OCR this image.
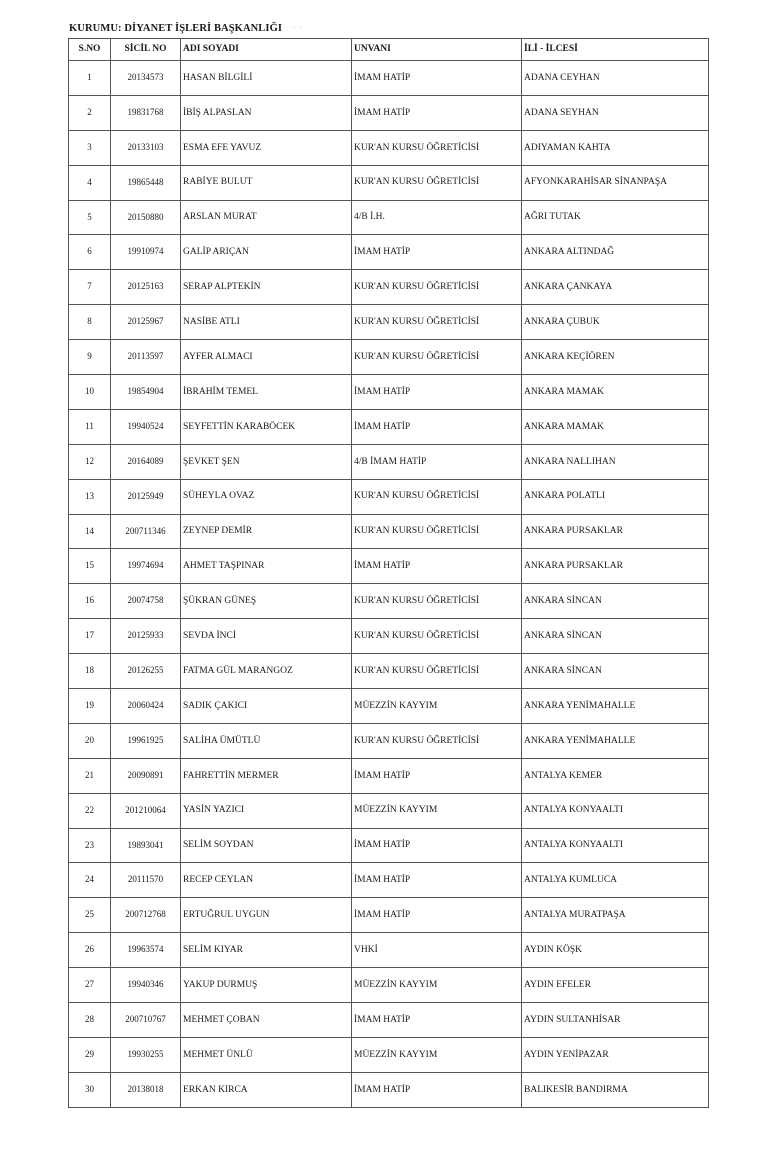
KURUMU: DİYANET İŞLERİ BAŞKANLIĞI · ·
S.NO	SİCİL NO	ADI SOYADI	UNVANI	İLİ - İLCESİ
1	20134573	HASAN BİLGİLİ	İMAM HATİP	ADANA CEYHAN
2	19831768	İBİŞ ALPASLAN	İMAM HATİP	ADANA SEYHAN
3	20133103	ESMA EFE YAVUZ	KUR'AN KURSU ÖĞRETİCİSİ	ADIYAMAN KAHTA
4	19865448	RABİYE BULUT	KUR'AN KURSU ÖĞRETİCİSİ	AFYONKARAHİSAR SİNANPAŞA
5	20150880	ARSLAN MURAT	4/B İ.H.	AĞRI TUTAK
6	19910974	GALİP ARIÇAN	İMAM HATİP	ANKARA ALTINDAĞ
7	20125163	SERAP ALPTEKİN	KUR'AN KURSU ÖĞRETİCİSİ	ANKARA ÇANKAYA
8	20125967	NASİBE ATLI	KUR'AN KURSU ÖĞRETİCİSİ	ANKARA ÇUBUK
9	20113597	AYFER ALMACI	KUR'AN KURSU ÖĞRETİCİSİ	ANKARA KEÇİÖREN
10	19854904	İBRAHİM TEMEL	İMAM HATİP	ANKARA MAMAK
11	19940524	SEYFETTİN KARABÖCEK	İMAM HATİP	ANKARA MAMAK
12	20164089	ŞEVKET ŞEN	4/B İMAM HATİP	ANKARA NALLIHAN
13	20125949	SÜHEYLA OVAZ	KUR'AN KURSU ÖĞRETİCİSİ	ANKARA POLATLI
14	200711346	ZEYNEP DEMİR	KUR'AN KURSU ÖĞRETİCİSİ	ANKARA PURSAKLAR
15	19974694	AHMET TAŞPINAR	İMAM HATİP	ANKARA PURSAKLAR
16	20074758	ŞÜKRAN GÜNEŞ	KUR'AN KURSU ÖĞRETİCİSİ	ANKARA SİNCAN
17	20125933	SEVDA İNCİ	KUR'AN KURSU ÖĞRETİCİSİ	ANKARA SİNCAN
18	20126255	FATMA GÜL MARANGOZ	KUR'AN KURSU ÖĞRETİCİSİ	ANKARA SİNCAN
19	20060424	SADIK ÇAKICI	MÜEZZİN KAYYIM	ANKARA YENİMAHALLE
20	19961925	SALİHA ÜMÜTLÜ	KUR'AN KURSU ÖĞRETİCİSİ	ANKARA YENİMAHALLE
21	20090891	FAHRETTİN MERMER	İMAM HATİP	ANTALYA KEMER
22	201210064	YASİN YAZICI	MÜEZZİN KAYYIM	ANTALYA KONYAALTI
23	19893041	SELİM SOYDAN	İMAM HATİP	ANTALYA KONYAALTI
24	20111570	RECEP CEYLAN	İMAM HATİP	ANTALYA KUMLUCA
25	200712768	ERTUĞRUL UYGUN	İMAM HATİP	ANTALYA MURATPAŞA
26	19963574	SELİM KIYAR	VHKİ	AYDIN KÖŞK
27	19940346	YAKUP DURMUŞ	MÜEZZİN KAYYIM	AYDIN EFELER
28	200710767	MEHMET ÇOBAN	İMAM HATİP	AYDIN SULTANHİSAR
29	19930255	MEHMET ÜNLÜ	MÜEZZİN KAYYIM	AYDIN YENİPAZAR
30	20138018	ERKAN KIRCA	İMAM HATİP	BALIKESİR BANDIRMA
